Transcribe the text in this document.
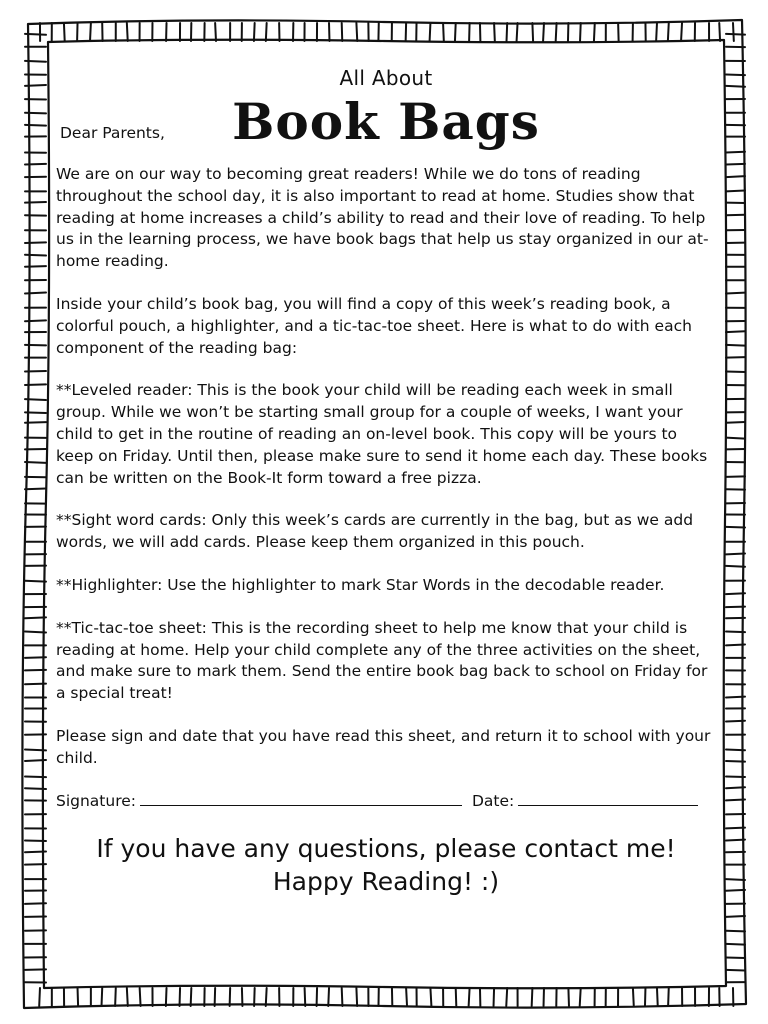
All About
Book Bags
Dear Parents,

We are on our way to becoming great readers! While we do tons of reading throughout the school day, it is also important to read at home. Studies show that reading at home increases a child’s ability to read and their love of reading. To help us in the learning process, we have book bags that help us stay organized in our at-home reading.

Inside your child’s book bag, you will find a copy of this week’s reading book, a colorful pouch, a highlighter, and a tic-tac-toe sheet. Here is what to do with each component of the reading bag:

**Leveled reader: This is the book your child will be reading each week in small group. While we won’t be starting small group for a couple of weeks, I want your child to get in the routine of reading an on-level book. This copy will be yours to keep on Friday. Until then, please make sure to send it home each day. These books can be written on the Book-It form toward a free pizza.

**Sight word cards: Only this week’s cards are currently in the bag, but as we add words, we will add cards. Please keep them organized in this pouch.

**Highlighter: Use the highlighter to mark Star Words in the decodable reader.

**Tic-tac-toe sheet: This is the recording sheet to help me know that your child is reading at home. Help your child complete any of the three activities on the sheet, and make sure to mark them. Send the entire book bag back to school on Friday for a special treat!

Please sign and date that you have read this sheet, and return it to school with your child.

Signature:	Date:
If you have any questions, please contact me!
Happy Reading! :)
